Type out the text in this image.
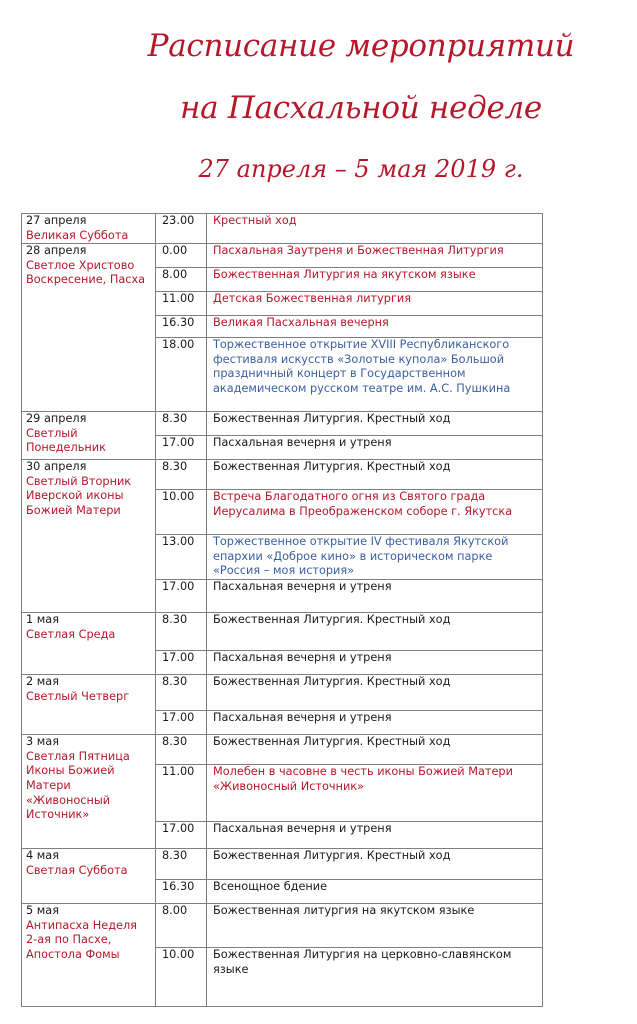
Расписание мероприятий
на Пасхальной неделе
27 апреля – 5 мая 2019 г.
27 апреля
Великая Суббота	23.00	Крестный ход

28 апреля
Светлое Христово Воскресение, Пасха	0.00	Пасхальная Заутреня и Божественная Литургия
	8.00	Божественная Литургия на якутском языке
	11.00	Детская Божественная литургия
	16.30	Великая Пасхальная вечерня
	18.00	Торжественное открытие XVIII Республиканского фестиваля искусств «Золотые купола» Большой праздничный концерт в Государственном академическом русском театре им. А.С. Пушкина

29 апреля
Светлый Понедельник	8.30	Божественная Литургия. Крестный ход
	17.00	Пасхальная вечерня и утреня

30 апреля
Светлый Вторник Иверской иконы Божией Матери	8.30	Божественная Литургия. Крестный ход
	10.00	Встреча Благодатного огня из Святого града Иерусалима в Преображенском соборе г. Якутска
	13.00	Торжественное открытие IV фестиваля Якутской епархии «Доброе кино» в историческом парке «Россия – моя история»
	17.00	Пасхальная вечерня и утреня

1 мая
Светлая Среда	8.30	Божественная Литургия. Крестный ход
	17.00	Пасхальная вечерня и утреня

2 мая
Светлый Четверг	8.30	Божественная Литургия. Крестный ход
	17.00	Пасхальная вечерня и утреня

3 мая
Светлая Пятница Иконы Божией Матери «Живоносный Источник»	8.30	Божественная Литургия. Крестный ход
	11.00	Молебен в часовне в честь иконы Божией Матери «Живоносный Источник»
	17.00	Пасхальная вечерня и утреня

4 мая
Светлая Суббота	8.30	Божественная Литургия. Крестный ход
	16.30	Всенощное бдение

5 мая
Антипасха Неделя 2-ая по Пасхе, Апостола Фомы	8.00	Божественная литургия на якутском языке
	10.00	Божественная Литургия на церковно-славянском языке
